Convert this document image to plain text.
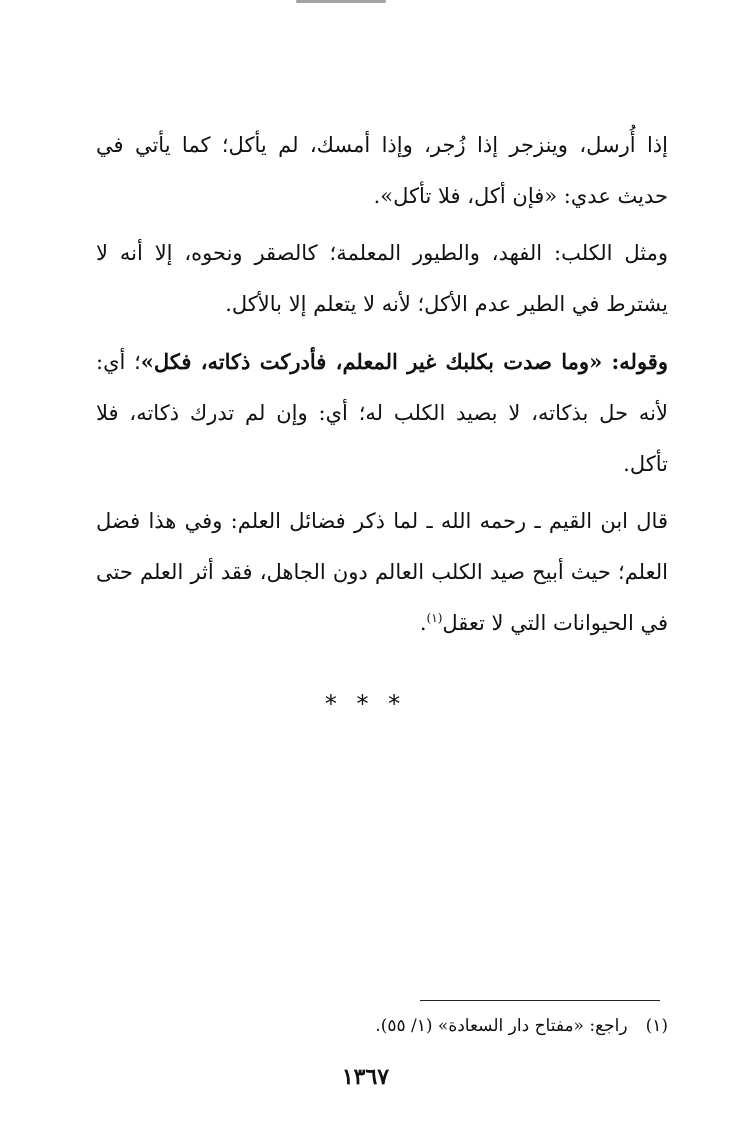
إذا أُرسل، وينزجر إذا زُجر، وإذا أمسك، لم يأكل؛ كما يأتي في حديث عدي: «فإن أكل، فلا تأكل».

ومثل الكلب: الفهد، والطيور المعلمة؛ كالصقر ونحوه، إلا أنه لا يشترط في الطير عدم الأكل؛ لأنه لا يتعلم إلا بالأكل.

وقوله: «وما صدت بكلبك غير المعلم، فأدركت ذكاته، فكل»؛ أي: لأنه حل بذكاته، لا بصيد الكلب له؛ أي: وإن لم تدرك ذكاته، فلا تأكل.

قال ابن القيم ـ رحمه الله ـ لما ذكر فضائل العلم: وفي هذا فضل العلم؛ حيث أبيح صيد الكلب العالم دون الجاهل، فقد أثر العلم حتى في الحيوانات التي لا تعقل$^{(١)}$.

* * *
(١)راجع: «مفتاح دار السعادة» (١/ ٥٥).
١٣٦٧
